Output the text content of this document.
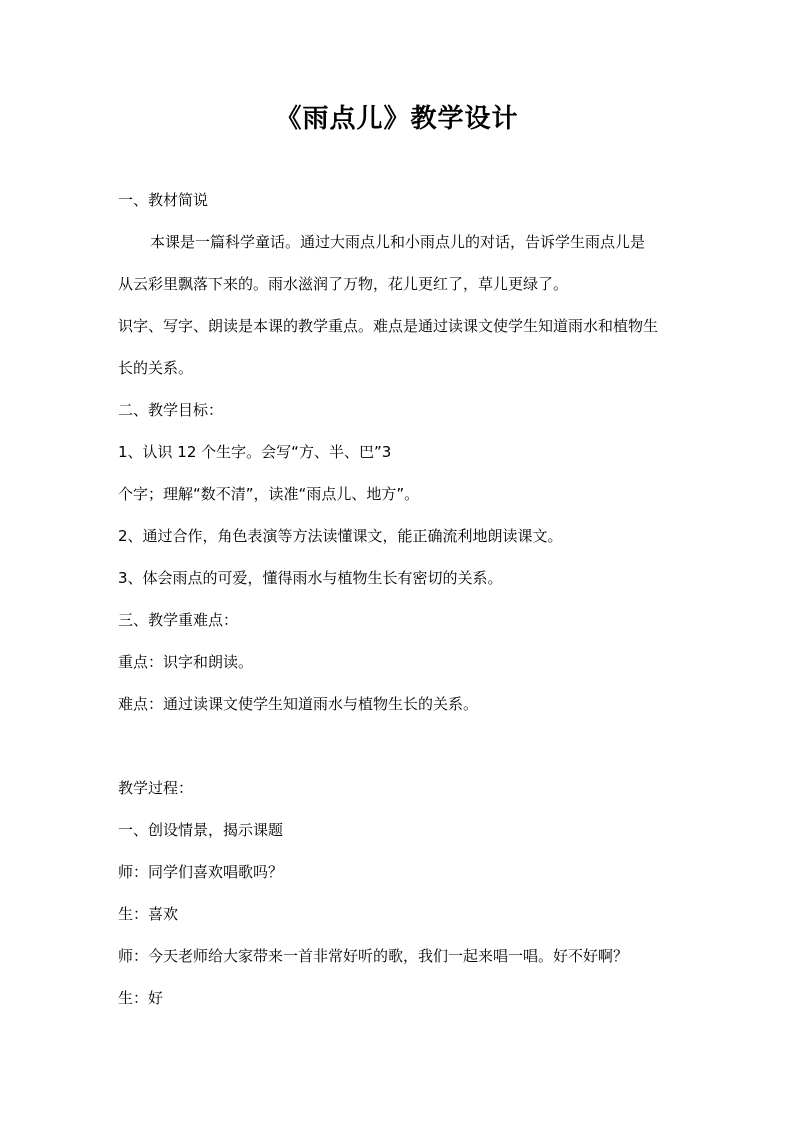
《雨点儿》教学设计
一、教材简说
本课是一篇科学童话。通过大雨点儿和小雨点儿的对话，告诉学生雨点儿是
从云彩里飘落下来的。雨水滋润了万物，花儿更红了，草儿更绿了。
识字、写字、朗读是本课的教学重点。难点是通过读课文使学生知道雨水和植物生
长的关系。
二、教学目标：
1、认识 12 个生字。会写“方、半、巴”3
个字；理解“数不清”，读准“雨点儿、地方”。
2、通过合作，角色表演等方法读懂课文，能正确流利地朗读课文。
3、体会雨点的可爱，懂得雨水与植物生长有密切的关系。
三、教学重难点：
重点：识字和朗读。
难点：通过读课文使学生知道雨水与植物生长的关系。
教学过程：
一、创设情景，揭示课题
师：同学们喜欢唱歌吗？
生：喜欢
师：今天老师给大家带来一首非常好听的歌，我们一起来唱一唱。好不好啊？
生：好
